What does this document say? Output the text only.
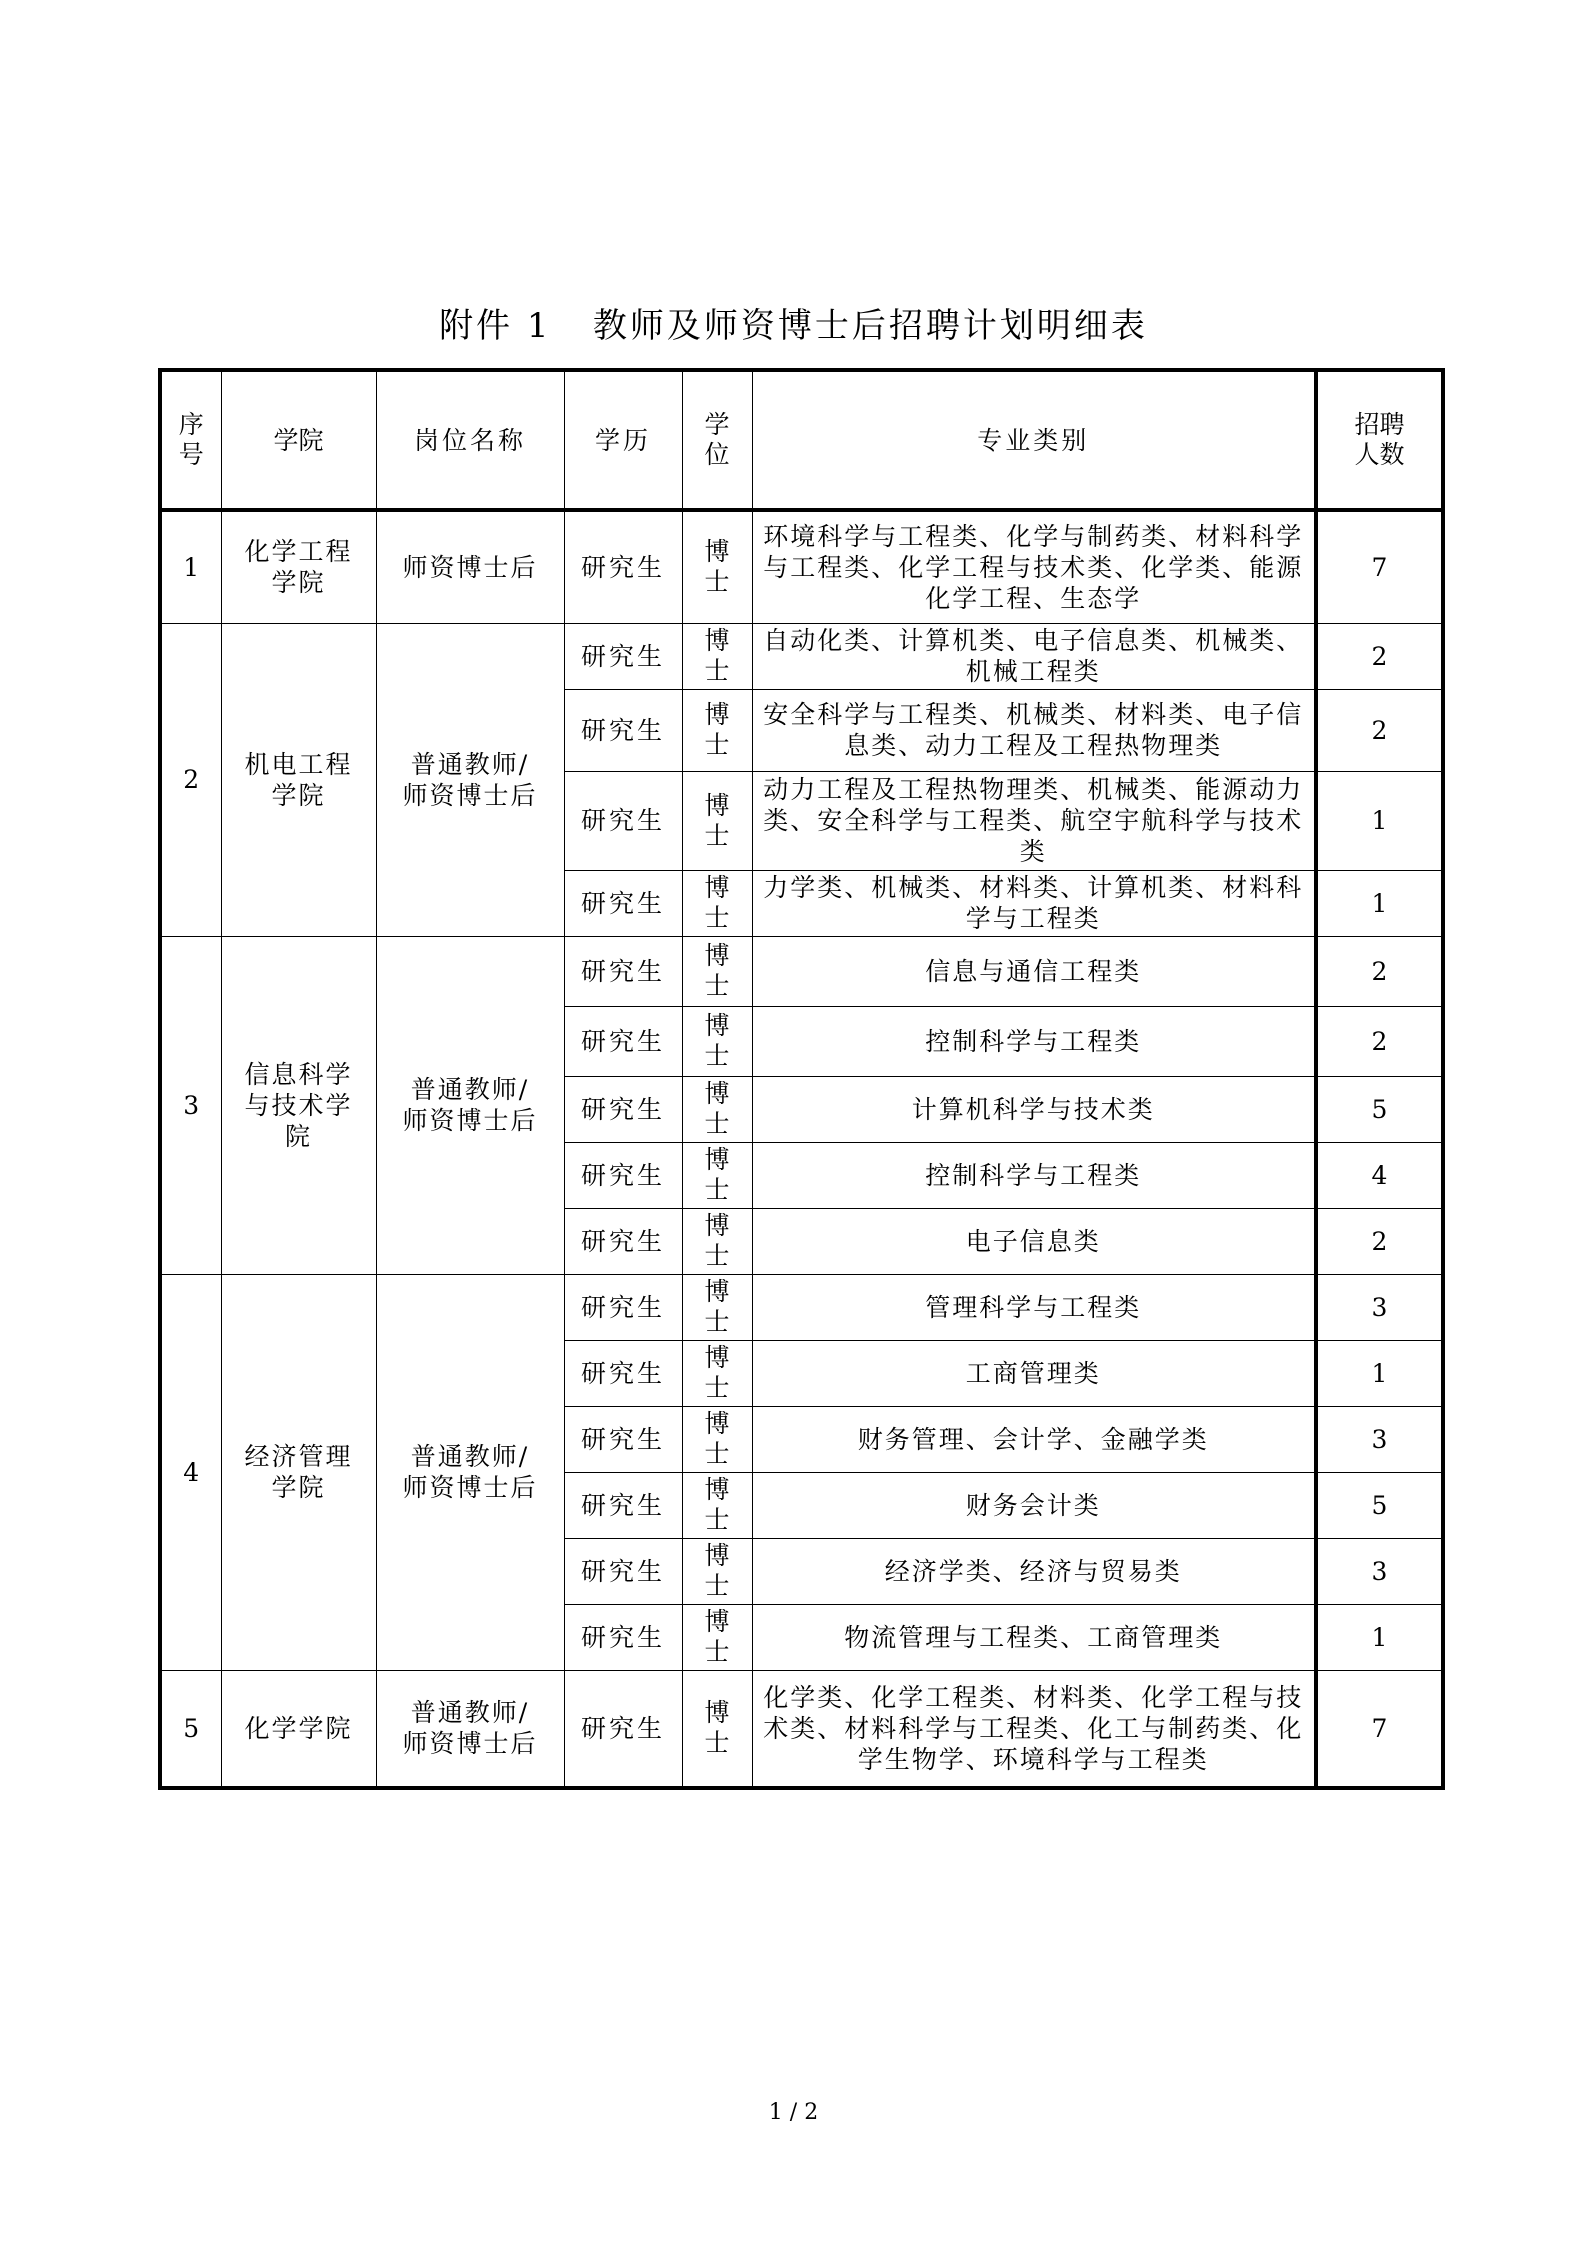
附件 1   教师及师资博士后招聘计划明细表
序号	学院	岗位名称	学历	学位	专业类别	招聘人数
1	化学工程学院	师资博士后	研究生	博士	环境科学与工程类、化学与制药类、材料科学与工程类、化学工程与技术类、化学类、能源化学工程、生态学	7
2	机电工程学院	普通教师/师资博士后	研究生	博士	自动化类、计算机类、电子信息类、机械类、机械工程类	2
			研究生	博士	安全科学与工程类、机械类、材料类、电子信息类、动力工程及工程热物理类	2
			研究生	博士	动力工程及工程热物理类、机械类、能源动力类、安全科学与工程类、航空宇航科学与技术类	1
			研究生	博士	力学类、机械类、材料类、计算机类、材料科学与工程类	1
3	信息科学与技术学院	普通教师/师资博士后	研究生	博士	信息与通信工程类	2
			研究生	博士	控制科学与工程类	2
			研究生	博士	计算机科学与技术类	5
			研究生	博士	控制科学与工程类	4
			研究生	博士	电子信息类	2
4	经济管理学院	普通教师/师资博士后	研究生	博士	管理科学与工程类	3
			研究生	博士	工商管理类	1
			研究生	博士	财务管理、会计学、金融学类	3
			研究生	博士	财务会计类	5
			研究生	博士	经济学类、经济与贸易类	3
			研究生	博士	物流管理与工程类、工商管理类	1
5	化学学院	普通教师/师资博士后	研究生	博士	化学类、化学工程类、材料类、化学工程与技术类、材料科学与工程类、化工与制药类、化学生物学、环境科学与工程类	7
1 / 2
